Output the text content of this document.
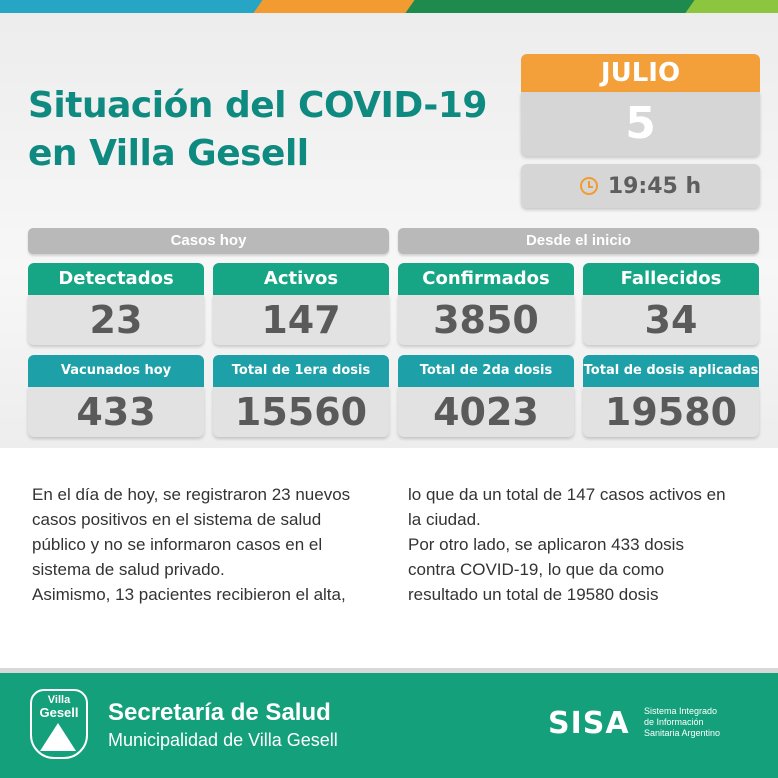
Situación del COVID-19
en Villa Gesell
JULIO
5
19:45 h
Casos hoy	Desde el inicio
Detectados
23
Activos
147
Confirmados
3850
Fallecidos
34
Vacunados hoy
433
Total de 1era dosis
15560
Total de 2da dosis
4023
Total de dosis aplicadas
19580
En el día de hoy, se registraron 23 nuevos
casos positivos en el sistema de salud
público y no se informaron casos en el
sistema de salud privado.
Asimismo, 13 pacientes recibieron el alta,
lo que da un total de 147 casos activos en
la ciudad.
Por otro lado, se aplicaron 433 dosis
contra COVID-19, lo que da como
resultado un total de 19580 dosis
Villa
Gesell	Secretaría de Salud
Municipalidad de Villa Gesell	SISA Sistema Integrado
de Información
Sanitaria Argentino
